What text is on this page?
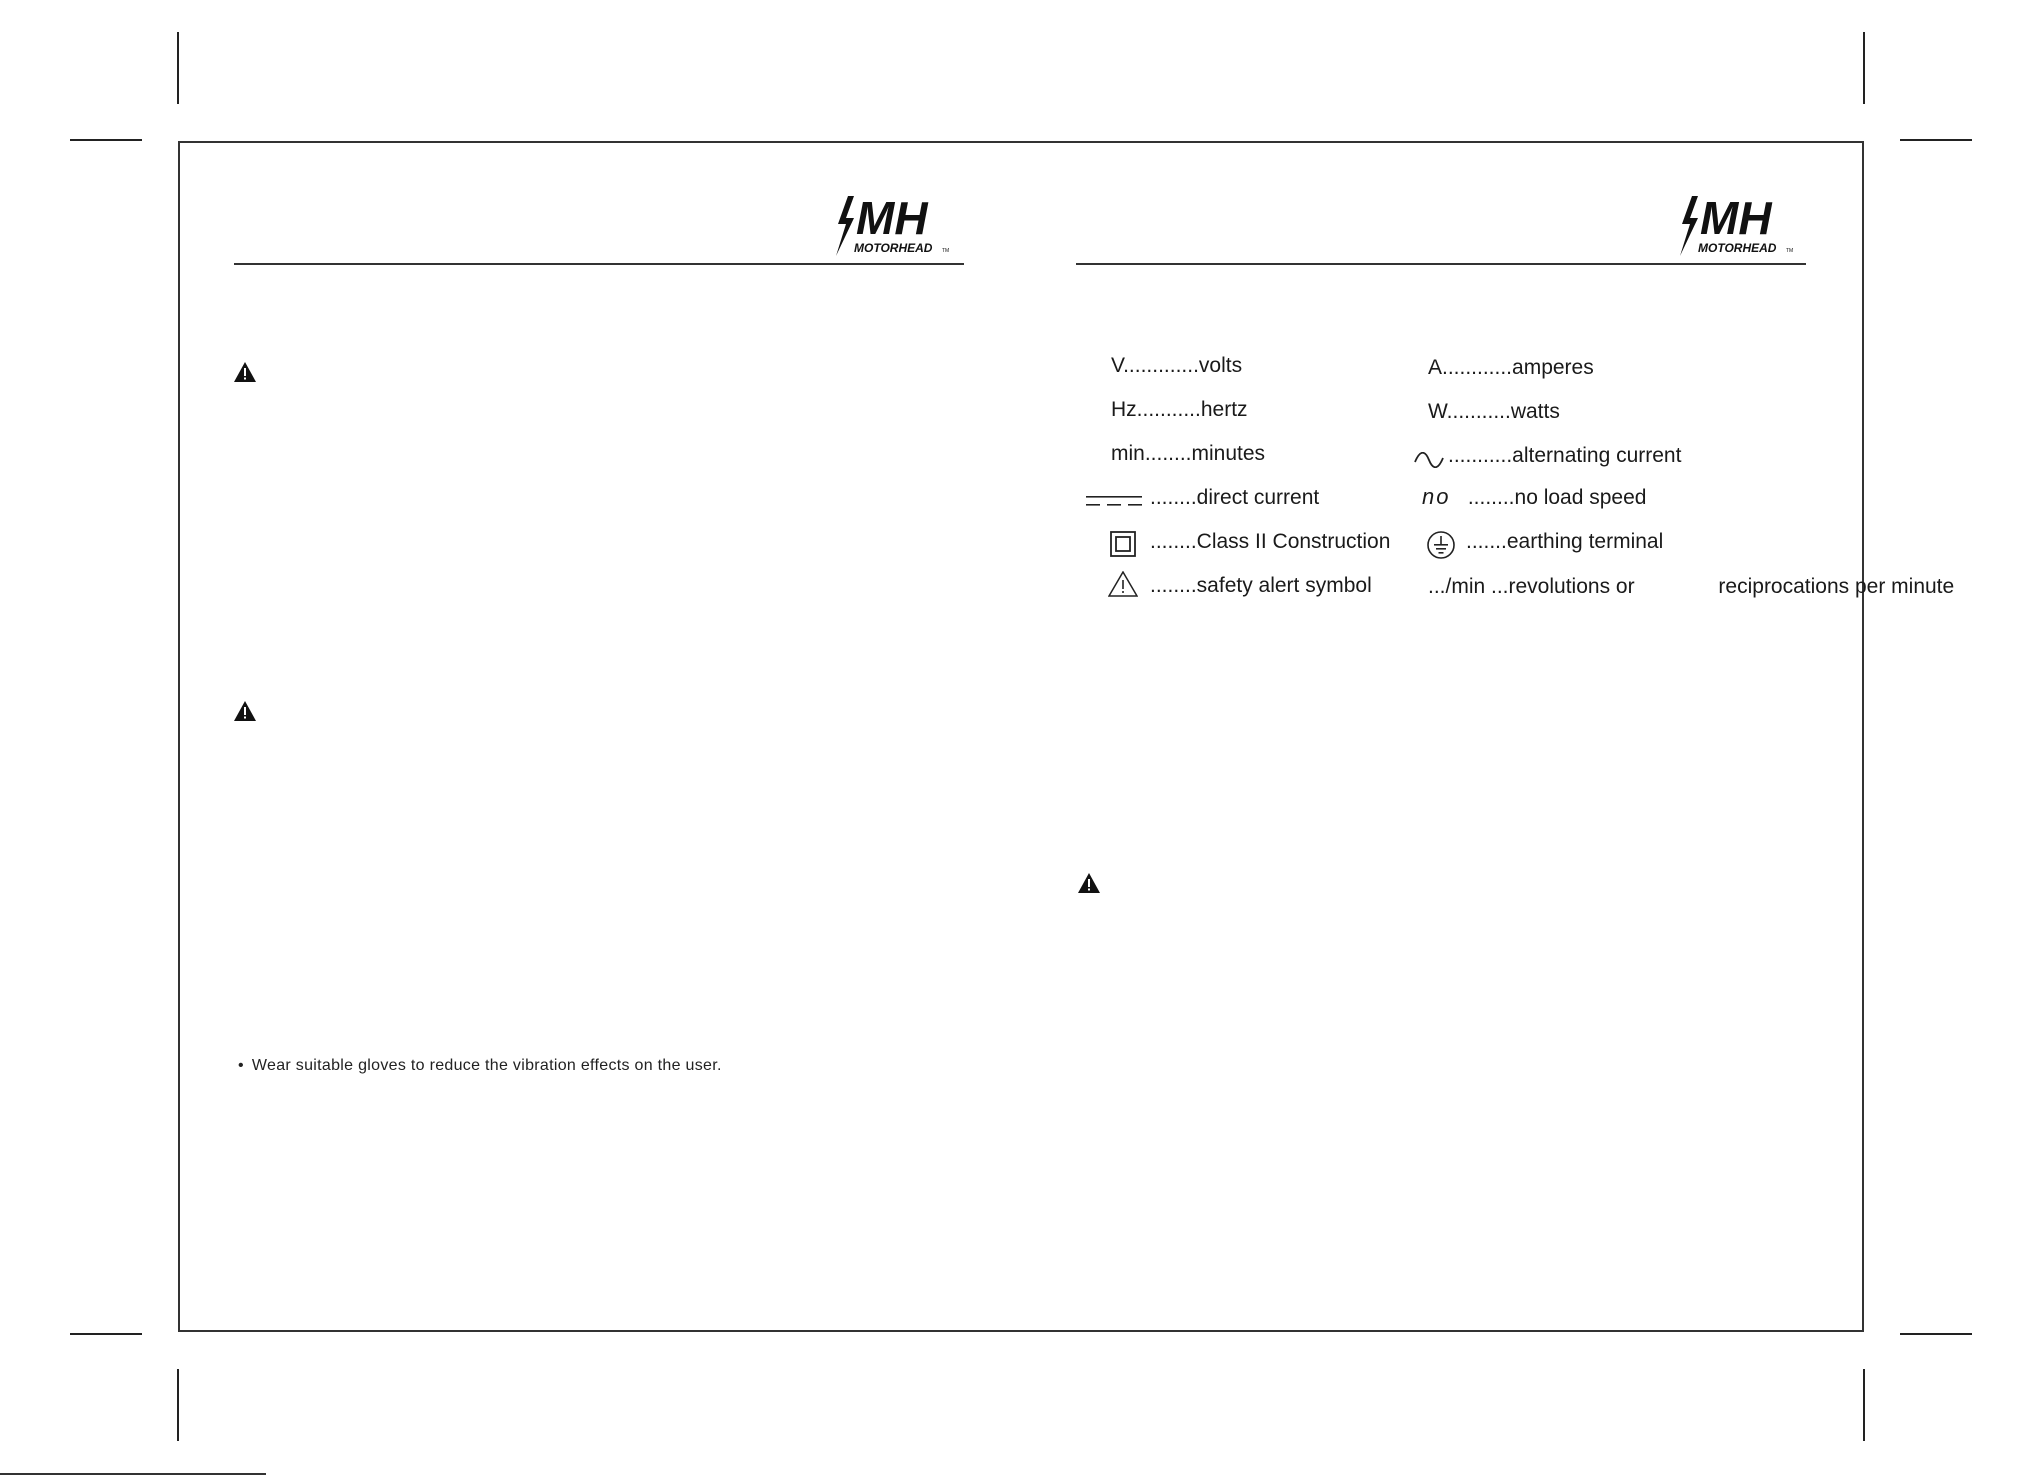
MH
MOTORHEAD TM
MH
MOTORHEAD TM
V.............volts
Hz...........hertz
min........minutes
........direct current
........Class II Construction
........safety alert symbol
A............amperes
W...........watts
...........alternating current
no ........no load speed
.......earthing terminal
.../min ...revolutions or	reciprocations per minute
• Wear suitable gloves to reduce the vibration effects on the user.
